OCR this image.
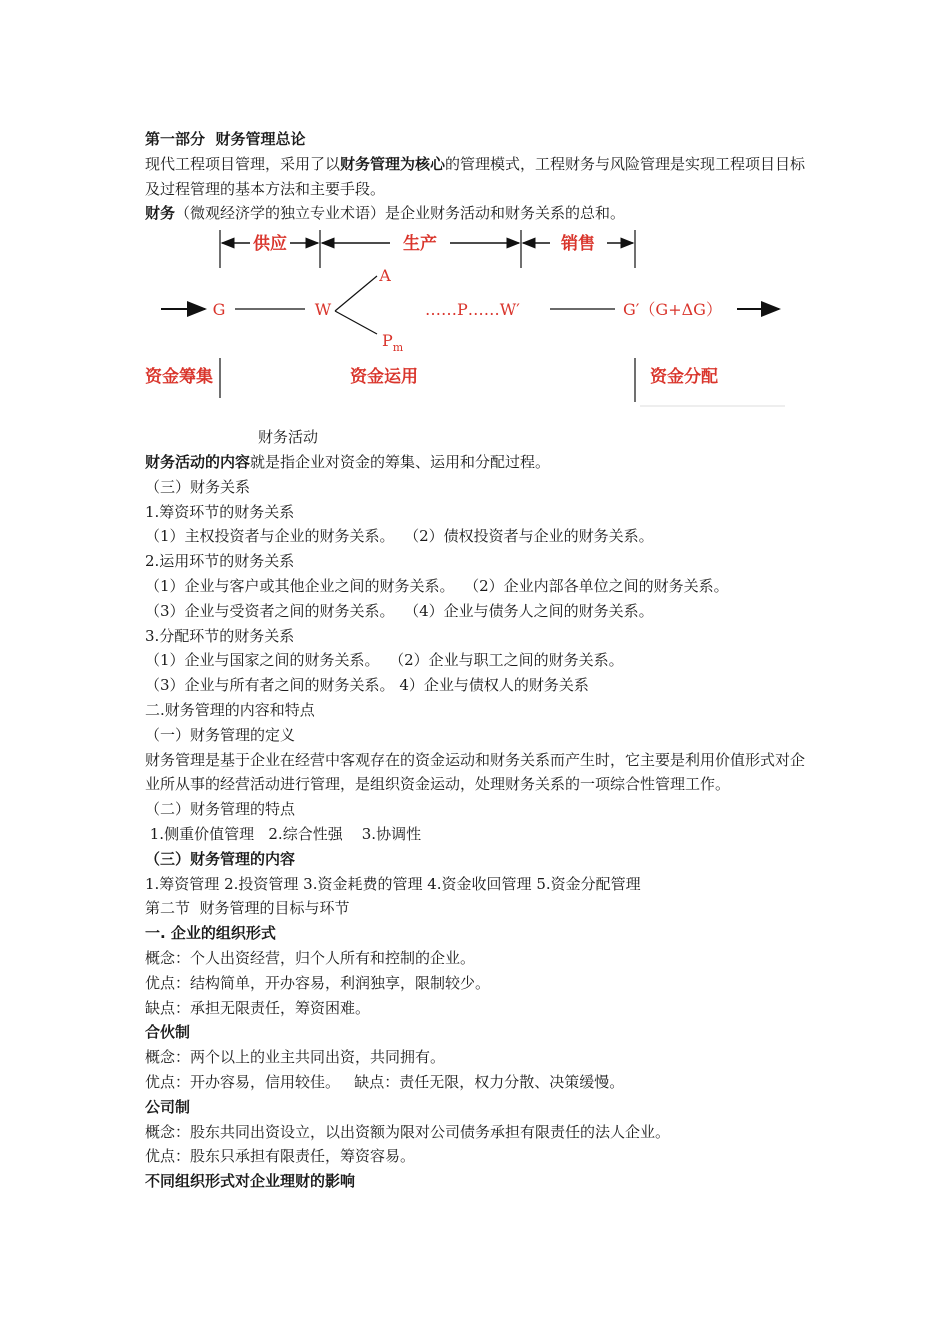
第一部分  财务管理总论
现代工程项目管理，采用了以财务管理为核心的管理模式，工程财务与风险管理是实现工程项目目标及过程管理的基本方法和主要手段。
财务（微观经济学的独立专业术语）是企业财务活动和财务关系的总和。
供应	生产	销售
G	W
A
$P_m$
……P……W′	G′（G+ΔG）
资金筹集	资金运用	资金分配
财务活动
财务活动的内容就是指企业对资金的筹集、运用和分配过程。
（三）财务关系
1.筹资环节的财务关系
（1）主权投资者与企业的财务关系。  （2）债权投资者与企业的财务关系。
2.运用环节的财务关系
（1）企业与客户或其他企业之间的财务关系。  （2）企业内部各单位之间的财务关系。
（3）企业与受资者之间的财务关系。  （4）企业与债务人之间的财务关系。
3.分配环节的财务关系
（1）企业与国家之间的财务关系。  （2）企业与职工之间的财务关系。
（3）企业与所有者之间的财务关系。 4）企业与债权人的财务关系
二.财务管理的内容和特点
（一）财务管理的定义
财务管理是基于企业在经营中客观存在的资金运动和财务关系而产生时，它主要是利用价值形式对企业所从事的经营活动进行管理，是组织资金运动，处理财务关系的一项综合性管理工作。
（二）财务管理的特点
1.侧重价值管理   2.综合性强    3.协调性
（三）财务管理的内容
1.筹资管理 2.投资管理 3.资金耗费的管理 4.资金收回管理 5.资金分配管理
第二节  财务管理的目标与环节
一. 企业的组织形式
概念：个人出资经营，归个人所有和控制的企业。
优点：结构简单，开办容易，利润独享，限制较少。
缺点：承担无限责任，筹资困难。
合伙制
概念：两个以上的业主共同出资，共同拥有。
优点：开办容易，信用较佳。   缺点：责任无限，权力分散、决策缓慢。
公司制
概念：股东共同出资设立，以出资额为限对公司债务承担有限责任的法人企业。
优点：股东只承担有限责任，筹资容易。
不同组织形式对企业理财的影响
